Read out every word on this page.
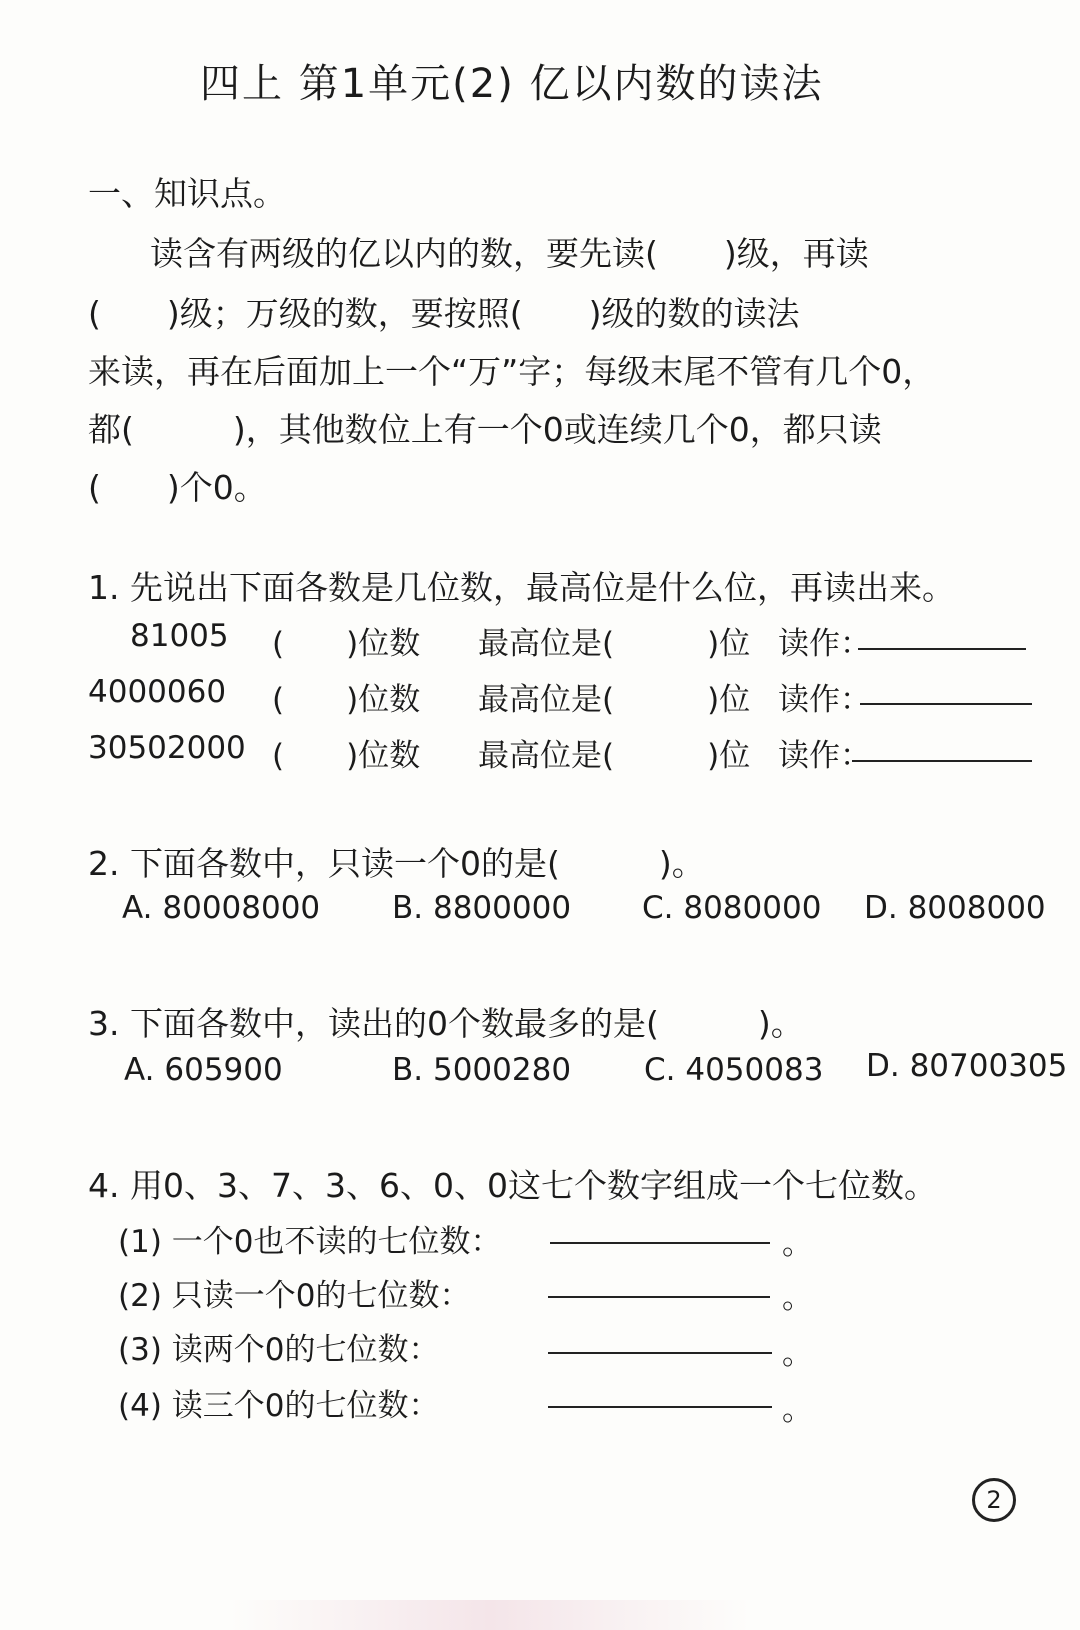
四上 第1单元(2) 亿以内数的读法
一、知识点。
读含有两级的亿以内的数，要先读(　　)级，再读
(　　)级；万级的数，要按照(　　)级的数的读法
来读，再在后面加上一个“万”字；每级末尾不管有几个0，
都(　　　)，其他数位上有一个0或连续几个0，都只读
(　　)个0。
1. 先说出下面各数是几位数，最高位是什么位，再读出来。
81005 (　　)位数 最高位是(　　　)位 读作：
4000060 (　　)位数 最高位是(　　　)位 读作：
30502000 (　　)位数 最高位是(　　　)位 读作：
2. 下面各数中，只读一个0的是(　　　)。
A. 80008000 B. 8800000 C. 8080000 D. 8008000
3. 下面各数中，读出的0个数最多的是(　　　)。
A. 605900	B. 5000280 C. 4050083 D. 80700305
4. 用0、3、7、3、6、0、0这七个数字组成一个七位数。
(1) 一个0也不读的七位数：	。
(2) 只读一个0的七位数：	。
(3) 读两个0的七位数：	。
(4) 读三个0的七位数：	。
2
